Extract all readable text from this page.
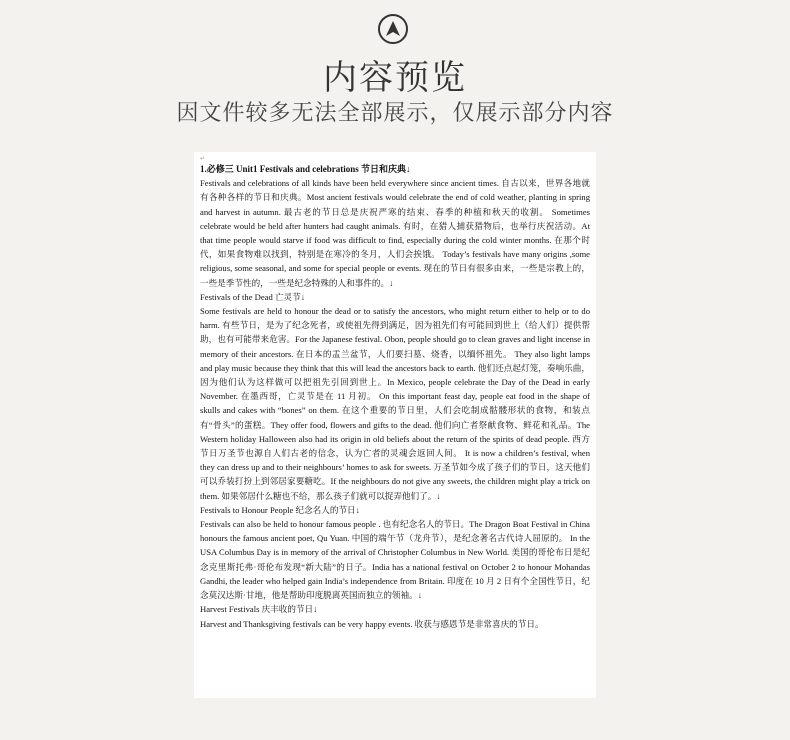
内容预览
因文件较多无法全部展示，仅展示部分内容
↵

1.必修三 Unit1 Festivals and celebrations 节日和庆典↓

Festivals and celebrations of all kinds have been held everywhere since ancient times. 自古以来，世界各地就有各种各样的节日和庆典。Most ancient festivals would celebrate the end of cold weather, planting in spring and harvest in autumn. 最古老的节日总是庆祝严寒的结束、春季的种植和秋天的收割。 Sometimes celebrate would be held after hunters had caught animals. 有时，在猎人捕获猎物后，也举行庆祝活动。At that time people would starve if food was difficult to find, especially during the cold winter months. 在那个时代，如果食物难以找到，特别是在寒冷的冬月，人们会挨饿。 Today’s festivals have many origins ,some religious, some seasonal, and some for special people or events. 现在的节日有很多由来，一些是宗教上的，一些是季节性的，一些是纪念特殊的人和事件的。↓

Festivals of the Dead 亡灵节↓

Some festivals are held to honour the dead or to satisfy the ancestors, who might return either to help or to do harm. 有些节日，是为了纪念死者，或使祖先得到满足，因为祖先们有可能回到世上（给人们）提供帮助，也有可能带来危害。For the Japanese festival. Obon, people should go to clean graves and light incense in memory of their ancestors. 在日本的盂兰盆节，人们要扫墓、烧香，以缅怀祖先。 They also light lamps and play music because they think that this will lead the ancestors back to earth. 他们还点起灯笼，奏响乐曲，因为他们认为这样做可以把祖先引回到世上。In Mexico, people celebrate the Day of the Dead in early November. 在墨西哥，亡灵节是在 11 月初。 On this important feast day, people eat food in the shape of skulls and cakes with “bones” on them. 在这个重要的节日里，人们会吃制成骷髅形状的食物，和装点有“骨头”的蛋糕。They offer food, flowers and gifts to the dead. 他们向亡者祭献食物、鲜花和礼品。The Western holiday Halloween also had its origin in old beliefs about the return of the spirits of dead people. 西方节日万圣节也源自人们古老的信念，认为亡者的灵魂会返回人间。 It is now a children’s festival, when they can dress up and to their neighbours’ homes to ask for sweets. 万圣节如今成了孩子们的节日，这天他们可以乔装打扮上到邻居家要糖吃。If the neighbours do not give any sweets, the children might play a trick on them. 如果邻居什么糖也不给，那么孩子们就可以捉弄他们了。↓

Festivals to Honour People 纪念名人的节日↓

Festivals can also be held to honour famous people . 也有纪念名人的节日。The Dragon Boat Festival in China honours the famous ancient poet, Qu Yuan. 中国的端午节（龙舟节），是纪念著名古代诗人屈原的。 In the USA Columbus Day is in memory of the arrival of Christopher Columbus in New World. 美国的哥伦布日是纪念克里斯托弗·哥伦布发现“新大陆”的日子。India has a national festival on October 2 to honour Mohandas Gandhi, the leader who helped gain India’s independence from Britain. 印度在 10 月 2 日有个全国性节日，纪念莫汉达斯·甘地，他是帮助印度脱离英国而独立的领袖。↓

Harvest Festivals 庆丰收的节日↓

Harvest and Thanksgiving festivals can be very happy events. 收获与感恩节是非常喜庆的节日。
